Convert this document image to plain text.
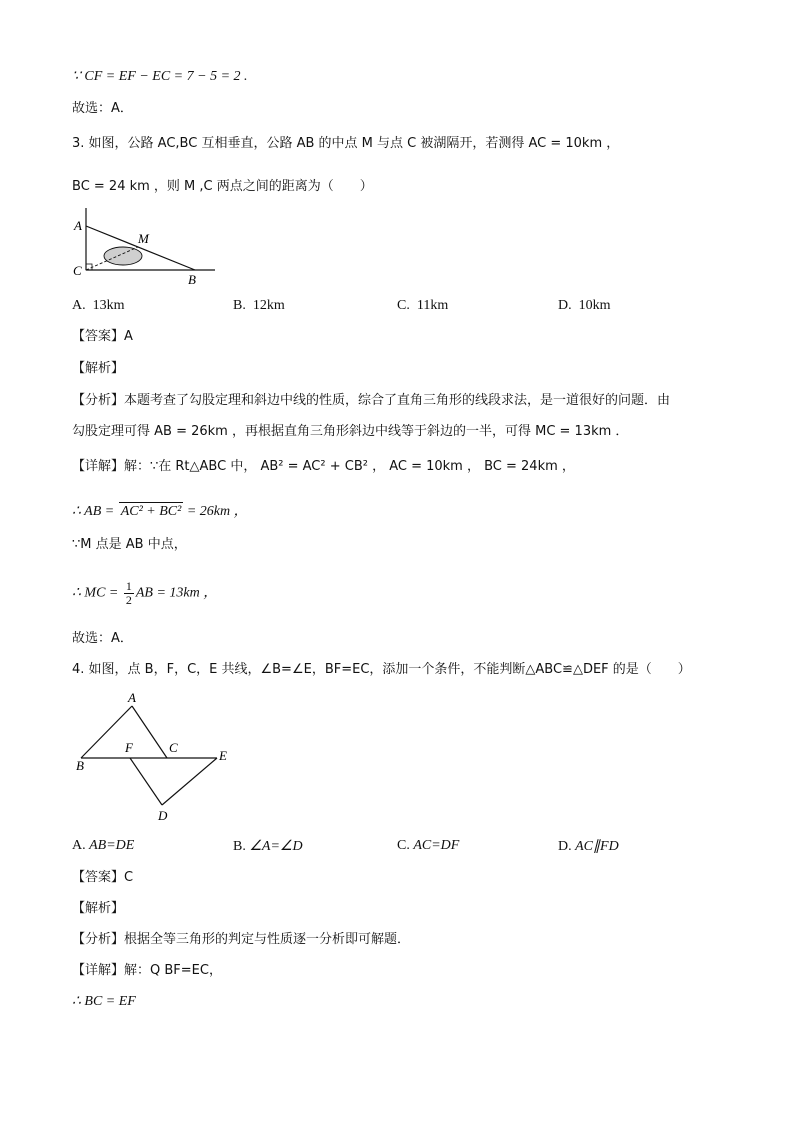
∵ CF = EF − EC = 7 − 5 = 2 .
故选：A．
3. 如图，公路 AC,BC 互相垂直，公路 AB 的中点 M 与点 C 被湖隔开，若测得 AC = 10km ，
BC = 24 km ，则 M ,C 两点之间的距离为（　　）
A
M
C
B
A. 13km	B. 12km	C. 11km	D. 10km
【答案】A
【解析】
【分析】本题考查了勾股定理和斜边中线的性质，综合了直角三角形的线段求法，是一道很好的问题．由
勾股定理可得 AB = 26km ，再根据直角三角形斜边中线等于斜边的一半，可得 MC = 13km ．
【详解】解：∵在 Rt△ABC 中， AB² = AC² + CB² ， AC = 10km ， BC = 24km ，
∴ AB = AC² + BC² = 26km ，
∵M 点是 AB 中点，
∴ MC = $\frac{1}{2}$ AB = 13km ，
故选：A．
4. 如图，点 B，F，C，E 共线，∠B=∠E，BF=EC，添加一个条件，不能判断△ABC≌△DEF 的是（　　）
A
F	C
B
E
D
A. AB=DE	B. ∠A=∠D	C. AC=DF	D. AC∥FD
【答案】C
【解析】
【分析】根据全等三角形的判定与性质逐一分析即可解题．
【详解】解：Q BF=EC，
∴ BC = EF
